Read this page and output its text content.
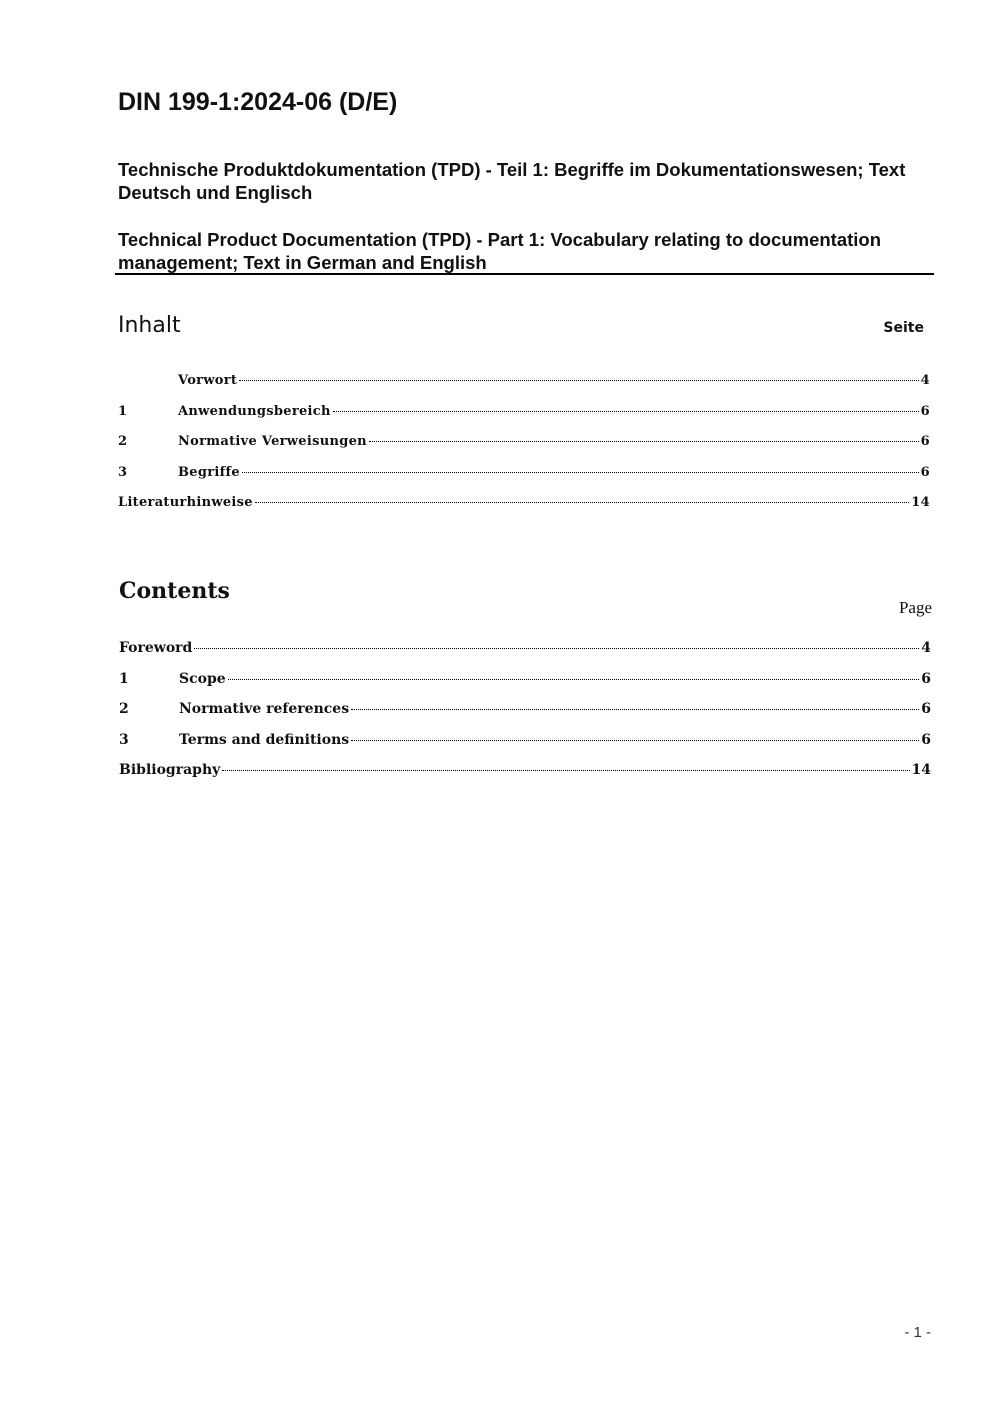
DIN 199-1:2024-06 (D/E)
Technische Produktdokumentation (TPD) - Teil 1: Begriffe im Dokumentationswesen; Text Deutsch und Englisch
Technical Product Documentation (TPD) - Part 1: Vocabulary relating to documentation management; Text in German and English
Inhalt	Seite
Vorwort	4
1	Anwendungsbereich	6
2	Normative Verweisungen	6
3	Begriffe	6
Literaturhinweise	14
Contents
Page
Foreword	4
1	Scope	6
2	Normative references	6
3	Terms and definitions	6
Bibliography	14
- 1 -
